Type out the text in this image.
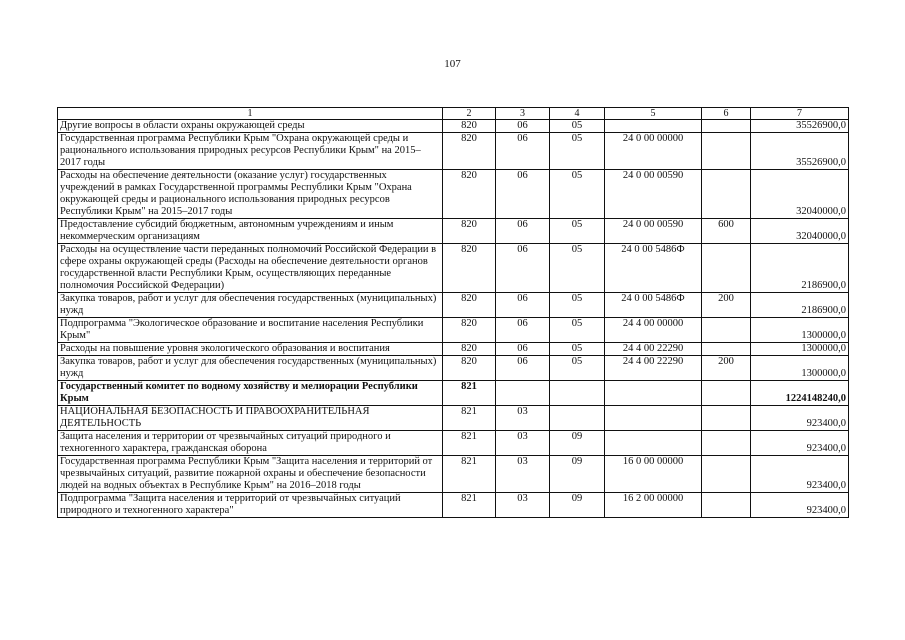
107
1	2	3	4	5	6	7
Другие вопросы в области охраны окружающей среды	820	06	05			35526900,0
Государственная программа Республики Крым "Охрана окружающей среды и рационального использования природных ресурсов Республики Крым" на 2015–2017 годы	820	06	05	24 0 00 00000		35526900,0
Расходы на обеспечение деятельности (оказание услуг) государственных учреждений в рамках Государственной программы Республики Крым "Охрана окружающей среды и рационального использования природных ресурсов Республики Крым" на 2015–2017 годы	820	06	05	24 0 00 00590		32040000,0
Предоставление субсидий бюджетным, автономным учреждениям и иным некоммерческим организациям	820	06	05	24 0 00 00590	600	32040000,0
Расходы на осуществление части переданных полномочий Российской Федерации в сфере охраны окружающей среды (Расходы на обеспечение деятельности органов государственной власти Республики Крым, осуществляющих переданные полномочия Российской Федерации)	820	06	05	24 0 00 5486Ф		2186900,0
Закупка товаров, работ и услуг для обеспечения государственных (муниципальных) нужд	820	06	05	24 0 00 5486Ф	200	2186900,0
Подпрограмма "Экологическое образование и воспитание населения Республики Крым"	820	06	05	24 4 00 00000		1300000,0
Расходы на повышение уровня экологического образования и воспитания	820	06	05	24 4 00 22290		1300000,0
Закупка товаров, работ и услуг для обеспечения государственных (муниципальных) нужд	820	06	05	24 4 00 22290	200	1300000,0
Государственный комитет по водному хозяйству и мелиорации Республики Крым	821					1224148240,0
НАЦИОНАЛЬНАЯ БЕЗОПАСНОСТЬ И ПРАВООХРАНИТЕЛЬНАЯ ДЕЯТЕЛЬНОСТЬ	821	03				923400,0
Защита населения и территории от чрезвычайных ситуаций природного и техногенного характера, гражданская оборона	821	03	09			923400,0
Государственная программа Республики Крым "Защита населения и территорий от чрезвычайных ситуаций, развитие пожарной охраны и обеспечение безопасности людей на водных объектах в Республике Крым" на 2016–2018 годы	821	03	09	16 0 00 00000		923400,0
Подпрограмма "Защита населения и территорий от чрезвычайных ситуаций природного и техногенного характера"	821	03	09	16 2 00 00000		923400,0
